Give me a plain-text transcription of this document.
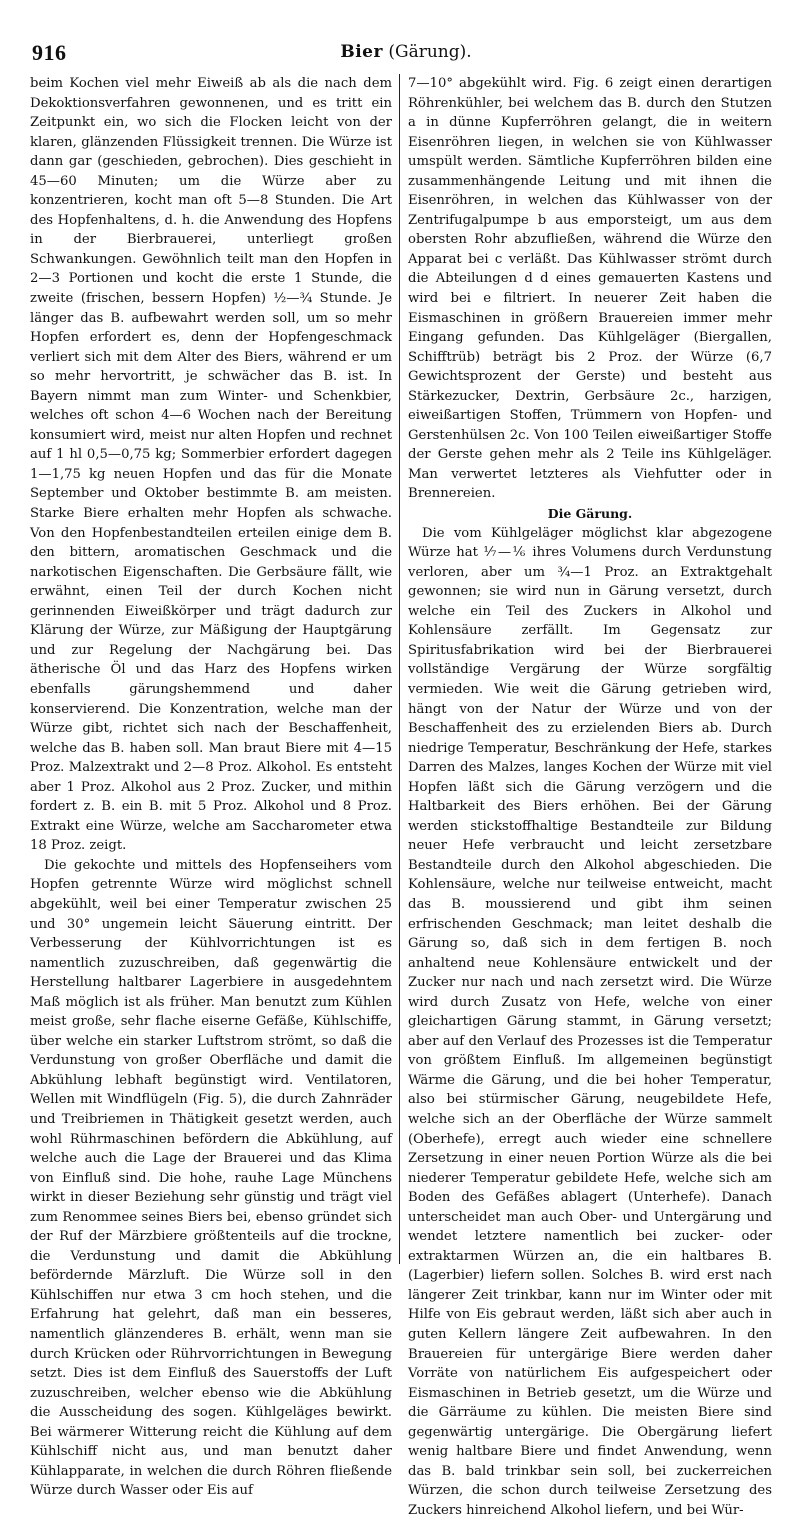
916	Bier (Gärung).

beim Kochen viel mehr Eiweiß ab als die nach dem Dekoktionsverfahren gewonnenen, und es tritt ein Zeitpunkt ein, wo sich die Flocken leicht von der klaren, glänzenden Flüssigkeit trennen. Die Würze ist dann gar (geschieden, gebrochen). Dies geschieht in 45—60 Minuten; um die Würze aber zu konzentrieren, kocht man oft 5—8 Stunden. Die Art des Hopfenhaltens, d. h. die Anwendung des Hopfens in der Bierbrauerei, unterliegt großen Schwankungen. Gewöhnlich teilt man den Hopfen in 2—3 Portionen und kocht die erste 1 Stunde, die zweite (frischen, bessern Hopfen) ½—¾ Stunde. Je länger das B. aufbewahrt werden soll, um so mehr Hopfen erfordert es, denn der Hopfengeschmack verliert sich mit dem Alter des Biers, während er um so mehr hervortritt, je schwächer das B. ist. In Bayern nimmt man zum Winter- und Schenkbier, welches oft schon 4—6 Wochen nach der Bereitung konsumiert wird, meist nur alten Hopfen und rechnet auf 1 hl 0,5—0,75 kg; Sommerbier erfordert dagegen 1—1,75 kg neuen Hopfen und das für die Monate September und Oktober bestimmte B. am meisten. Starke Biere erhalten mehr Hopfen als schwache. Von den Hopfenbestandteilen erteilen einige dem B. den bittern, aromatischen Geschmack und die narkotischen Eigenschaften. Die Gerbsäure fällt, wie erwähnt, einen Teil der durch Kochen nicht gerinnenden Eiweißkörper und trägt dadurch zur Klärung der Würze, zur Mäßigung der Hauptgärung und zur Regelung der Nachgärung bei. Das ätherische Öl und das Harz des Hopfens wirken ebenfalls gärungshemmend und daher konservierend. Die Konzentration, welche man der Würze gibt, richtet sich nach der Beschaffenheit, welche das B. haben soll. Man braut Biere mit 4—15 Proz. Malzextrakt und 2—8 Proz. Alkohol. Es entsteht aber 1 Proz. Alkohol aus 2 Proz. Zucker, und mithin fordert z. B. ein B. mit 5 Proz. Alkohol und 8 Proz. Extrakt eine Würze, welche am Saccharometer etwa 18 Proz. zeigt.

Die gekochte und mittels des Hopfenseihers vom Hopfen getrennte Würze wird möglichst schnell abgekühlt, weil bei einer Temperatur zwischen 25 und 30° ungemein leicht Säuerung eintritt. Der Verbesserung der Kühlvorrichtungen ist es namentlich zuzuschreiben, daß gegenwärtig die Herstellung haltbarer Lagerbiere in ausgedehntem Maß möglich ist als früher. Man benutzt zum Kühlen meist große, sehr flache eiserne Gefäße, Kühlschiffe, über welche ein starker Luftstrom strömt, so daß die Verdunstung von großer Oberfläche und damit die Abkühlung lebhaft begünstigt wird. Ventilatoren, Wellen mit Windflügeln (Fig. 5), die durch Zahnräder und Treibriemen in Thätigkeit gesetzt werden, auch wohl Rührmaschinen befördern die Abkühlung, auf welche auch die Lage der Brauerei und das Klima von Einfluß sind. Die hohe, rauhe Lage Münchens wirkt in dieser Beziehung sehr günstig und trägt viel zum Renommee seines Biers bei, ebenso gründet sich der Ruf der Märzbiere größtenteils auf die trockne, die Verdunstung und damit die Abkühlung befördernde Märzluft. Die Würze soll in den Kühlschiffen nur etwa 3 cm hoch stehen, und die Erfahrung hat gelehrt, daß man ein besseres, namentlich glänzenderes B. erhält, wenn man sie durch Krücken oder Rührvorrichtungen in Bewegung setzt. Dies ist dem Einfluß des Sauerstoffs der Luft zuzuschreiben, welcher ebenso wie die Abkühlung die Ausscheidung des sogen. Kühlgeläges bewirkt. Bei wärmerer Witterung reicht die Kühlung auf dem Kühlschiff nicht aus, und man benutzt daher Kühlapparate, in welchen die durch Röhren fließende Würze durch Wasser oder Eis auf

7—10° abgekühlt wird. Fig. 6 zeigt einen derartigen Röhrenkühler, bei welchem das B. durch den Stutzen a in dünne Kupferröhren gelangt, die in weitern Eisenröhren liegen, in welchen sie von Kühlwasser umspült werden. Sämtliche Kupferröhren bilden eine zusammenhängende Leitung und mit ihnen die Eisenröhren, in welchen das Kühlwasser von der Zentrifugalpumpe b aus emporsteigt, um aus dem obersten Rohr abzufließen, während die Würze den Apparat bei c verläßt. Das Kühlwasser strömt durch die Abteilungen d d eines gemauerten Kastens und wird bei e filtriert. In neuerer Zeit haben die Eismaschinen in größern Brauereien immer mehr Eingang gefunden. Das Kühlgeläger (Biergallen, Schifftrüb) beträgt bis 2 Proz. der Würze (6,7 Gewichtsprozent der Gerste) und besteht aus Stärkezucker, Dextrin, Gerbsäure 2c., harzigen, eiweißartigen Stoffen, Trümmern von Hopfen- und Gerstenhülsen 2c. Von 100 Teilen eiweißartiger Stoffe der Gerste gehen mehr als 2 Teile ins Kühlgeläger. Man verwertet letzteres als Viehfutter oder in Brennereien.

Die Gärung.

Die vom Kühlgeläger möglichst klar abgezogene Würze hat ⅐—⅙ ihres Volumens durch Verdunstung verloren, aber um ¾—1 Proz. an Extraktgehalt gewonnen; sie wird nun in Gärung versetzt, durch welche ein Teil des Zuckers in Alkohol und Kohlensäure zerfällt. Im Gegensatz zur Spiritusfabrikation wird bei der Bierbrauerei vollständige Vergärung der Würze sorgfältig vermieden. Wie weit die Gärung getrieben wird, hängt von der Natur der Würze und von der Beschaffenheit des zu erzielenden Biers ab. Durch niedrige Temperatur, Beschränkung der Hefe, starkes Darren des Malzes, langes Kochen der Würze mit viel Hopfen läßt sich die Gärung verzögern und die Haltbarkeit des Biers erhöhen. Bei der Gärung werden stickstoffhaltige Bestandteile zur Bildung neuer Hefe verbraucht und leicht zersetzbare Bestandteile durch den Alkohol abgeschieden. Die Kohlensäure, welche nur teilweise entweicht, macht das B. moussierend und gibt ihm seinen erfrischenden Geschmack; man leitet deshalb die Gärung so, daß sich in dem fertigen B. noch anhaltend neue Kohlensäure entwickelt und der Zucker nur nach und nach zersetzt wird. Die Würze wird durch Zusatz von Hefe, welche von einer gleichartigen Gärung stammt, in Gärung versetzt; aber auf den Verlauf des Prozesses ist die Temperatur von größtem Einfluß. Im allgemeinen begünstigt Wärme die Gärung, und die bei hoher Temperatur, also bei stürmischer Gärung, neugebildete Hefe, welche sich an der Oberfläche der Würze sammelt (Oberhefe), erregt auch wieder eine schnellere Zersetzung in einer neuen Portion Würze als die bei niederer Temperatur gebildete Hefe, welche sich am Boden des Gefäßes ablagert (Unterhefe). Danach unterscheidet man auch Ober- und Untergärung und wendet letztere namentlich bei zucker- oder extraktarmen Würzen an, die ein haltbares B. (Lagerbier) liefern sollen. Solches B. wird erst nach längerer Zeit trinkbar, kann nur im Winter oder mit Hilfe von Eis gebraut werden, läßt sich aber auch in guten Kellern längere Zeit aufbewahren. In den Brauereien für untergärige Biere werden daher Vorräte von natürlichem Eis aufgespeichert oder Eismaschinen in Betrieb gesetzt, um die Würze und die Gärräume zu kühlen. Die meisten Biere sind gegenwärtig untergärige. Die Obergärung liefert wenig haltbare Biere und findet Anwendung, wenn das B. bald trinkbar sein soll, bei zuckerreichen Würzen, die schon durch teilweise Zersetzung des Zuckers hinreichend Alkohol liefern, und bei Wür-
